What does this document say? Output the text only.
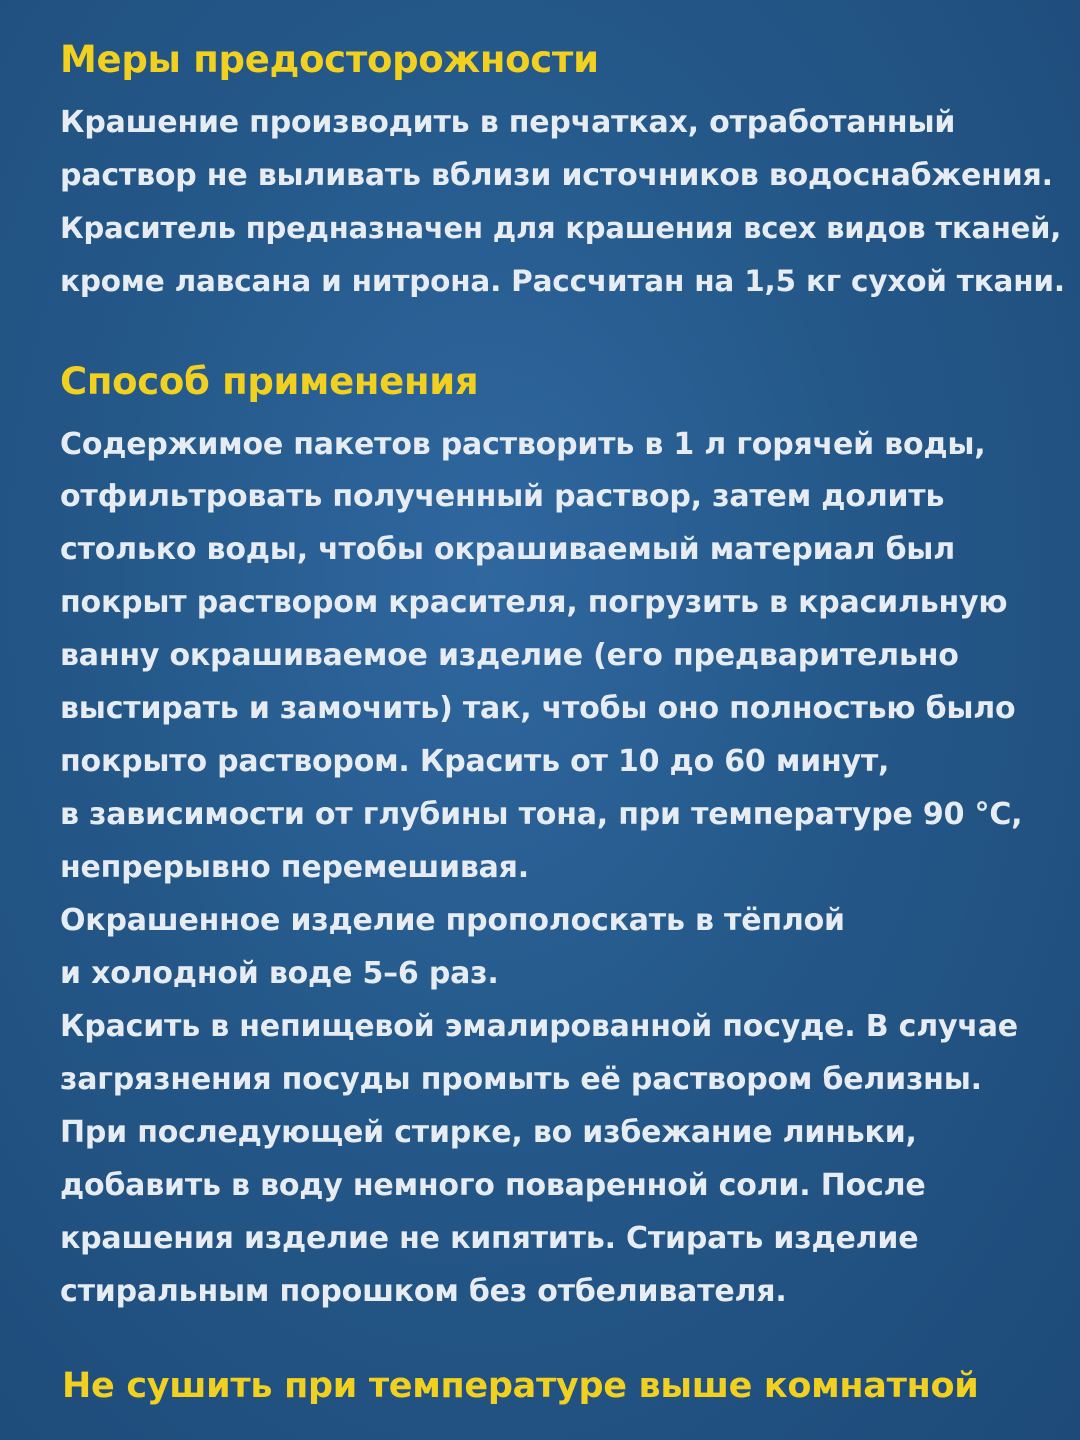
Меры предосторожности
Крашение производить в перчатках, отработанный
раствор не выливать вблизи источников водоснабжения.
Краситель предназначен для крашения всех видов тканей,
кроме лавсана и нитрона. Рассчитан на 1,5 кг сухой ткани.
Способ применения
Содержимое пакетов растворить в 1 л горячей воды,
отфильтровать полученный раствор, затем долить
столько воды, чтобы окрашиваемый материал был
покрыт раствором красителя, погрузить в красильную
ванну окрашиваемое изделие (его предварительно
выстирать и замочить) так, чтобы оно полностью было
покрыто раствором. Красить от 10 до 60 минут,
в зависимости от глубины тона, при температуре 90 °С,
непрерывно перемешивая.
Окрашенное изделие прополоскать в тёплой
и холодной воде 5–6 раз.
Красить в непищевой эмалированной посуде. В случае
загрязнения посуды промыть её раствором белизны.
При последующей стирке, во избежание линьки,
добавить в воду немного поваренной соли. После
крашения изделие не кипятить. Стирать изделие
стиральным порошком без отбеливателя.
Не сушить при температуре выше комнатной
